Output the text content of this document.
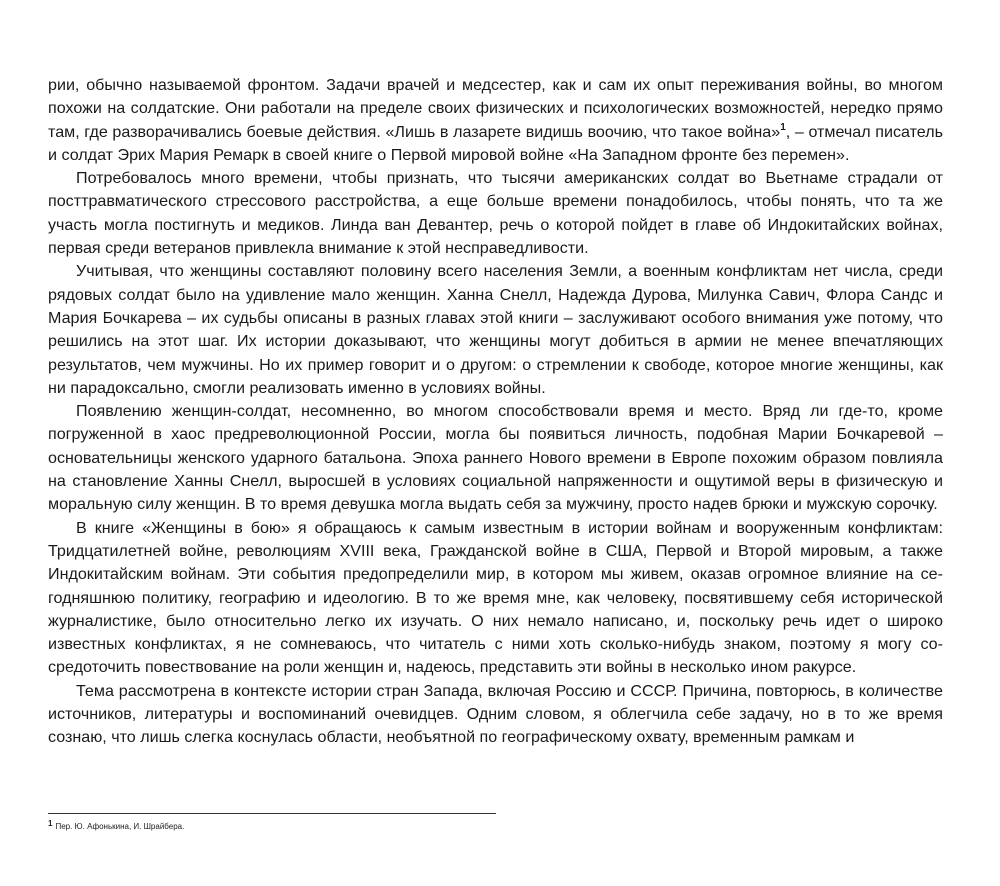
рии, обычно называемой фронтом. Задачи врачей и медсестер, как и сам их опыт переживания войны, во многом похожи на солдатские. Они работали на пределе своих физических и психологических возможностей, нередко прямо там, где разворачивались боевые действия. «Лишь в лазарете видишь воочию, что такое война»$^1$, – отмечал писатель и солдат Эрих Мария Ремарк в своей книге о Первой мировой войне «На Западном фронте без перемен».

Потребовалось много времени, чтобы признать, что тысячи американских солдат во Вьетнаме страдали от посттравматического стрессового расстройства, а еще больше времени понадобилось, чтобы понять, что та же участь могла постигнуть и медиков. Линда ван Девантер, речь о которой пойдет в главе об Индокитайских войнах, первая среди ветеранов привлекла внимание к этой несправедливости.

Учитывая, что женщины составляют половину всего населения Земли, а военным конфликтам нет числа, среди рядовых солдат было на удивление мало женщин. Ханна Снелл, Надежда Дурова, Милунка Савич, Флора Сандс и Мария Бочкарева – их судьбы описаны в разных главах этой книги – заслуживают особого внимания уже потому, что решились на этот шаг. Их истории доказывают, что женщины могут добиться в армии не менее впечатляющих результатов, чем мужчины. Но их пример говорит и о другом: о стремлении к свободе, которое многие женщины, как ни парадоксально, смогли реализовать именно в условиях войны.

Появлению женщин-солдат, несомненно, во многом способствовали время и место. Вряд ли где-то, кроме погруженной в хаос предреволюционной России, могла бы появиться личность, подобная Марии Бочкаревой – основательницы женского ударного батальона. Эпоха раннего Нового времени в Европе похожим образом повлияла на становление Ханны Снелл, выросшей в условиях социальной напряженности и ощутимой веры в физическую и моральную силу женщин. В то время девушка могла выдать себя за мужчину, просто надев брюки и мужскую сорочку.

В книге «Женщины в бою» я обращаюсь к самым известным в истории войнам и вооруженным конфликтам: Тридцатилетней войне, революциям XVIII века, Гражданской войне в США, Первой и Второй мировым, а также Индокитайским войнам. Эти события предопределили мир, в котором мы живем, оказав огромное влияние на сегодняшнюю политику, географию и идеологию. В то же время мне, как человеку, посвятившему себя исторической журналистике, было относительно легко их изучать. О них немало написано, и, поскольку речь идет о широко известных конфликтах, я не сомневаюсь, что читатель с ними хоть сколько-нибудь знаком, поэтому я могу сосредоточить повествование на роли женщин и, надеюсь, представить эти войны в несколько ином ракурсе.

Тема рассмотрена в контексте истории стран Запада, включая Россию и СССР. Причина, повторюсь, в количестве источников, литературы и воспоминаний очевидцев. Одним словом, я облегчила себе задачу, но в то же время сознаю, что лишь слегка коснулась области, необъятной по географическому охвату, временным рамкам и

1 Пер. Ю. Афонькина, И. Шрайбера.
